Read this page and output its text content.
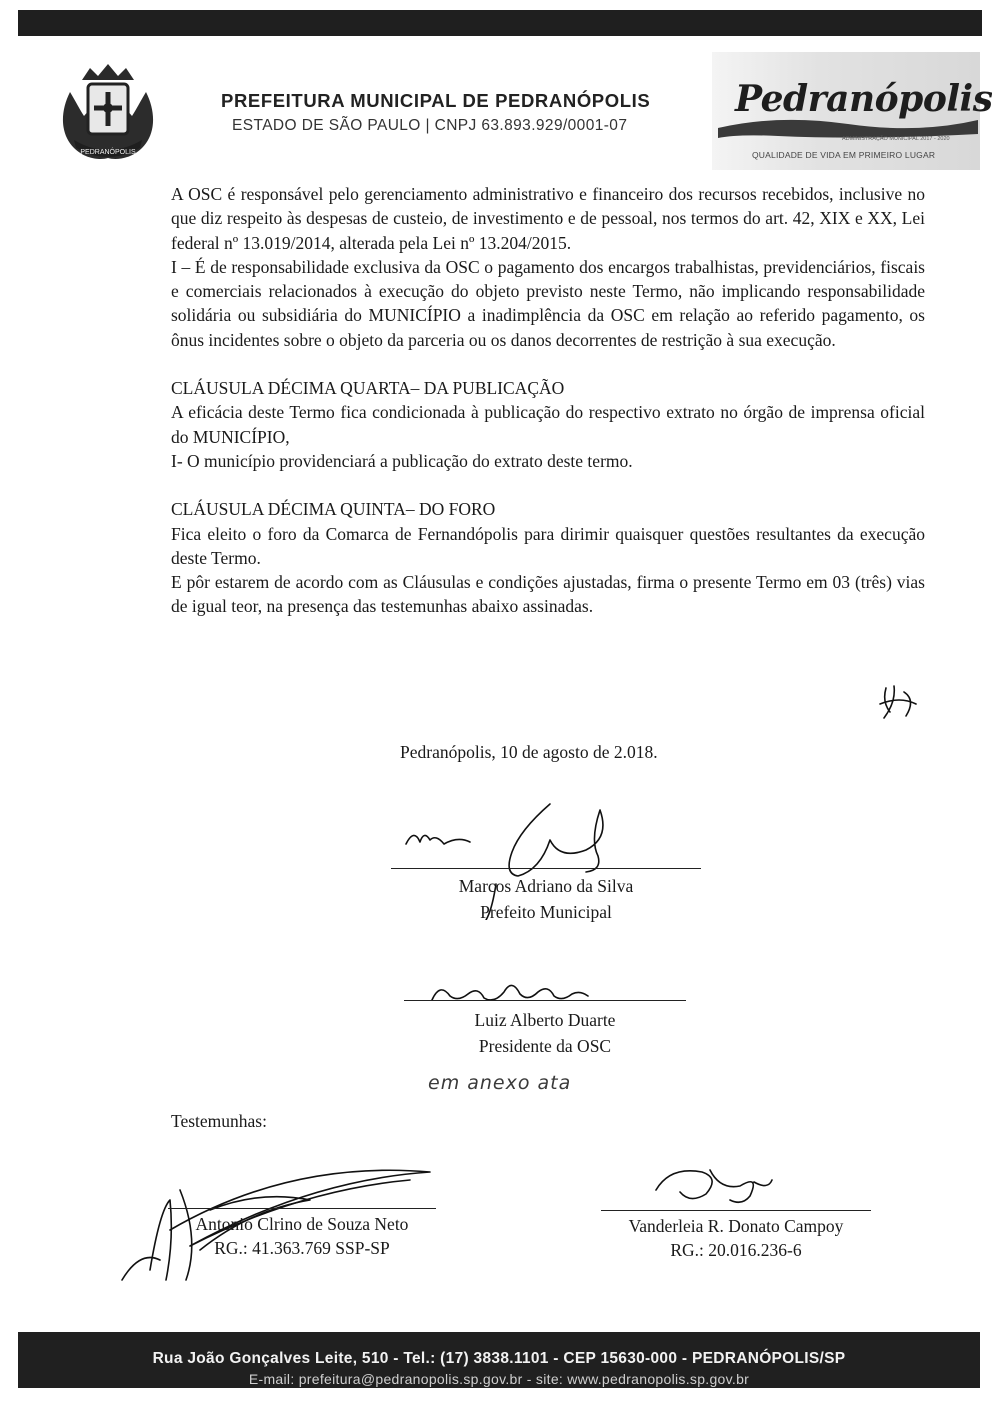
PEDRANÓPOLIS
PREFEITURA MUNICIPAL DE PEDRANÓPOLIS
ESTADO DE SÃO PAULO | CNPJ 63.893.929/0001-07
Pedranópolis
ADMINISTRAÇÃO MUNICIPAL 2017 - 2020
QUALIDADE DE VIDA EM PRIMEIRO LUGAR

A OSC é responsável pelo gerenciamento administrativo e financeiro dos recursos recebidos, inclusive no que diz respeito às despesas de custeio, de investimento e de pessoal, nos termos do art. 42, XIX e XX, Lei federal nº 13.019/2014, alterada pela Lei nº 13.204/2015.

I – É de responsabilidade exclusiva da OSC o pagamento dos encargos trabalhistas, previdenciários, fiscais e comerciais relacionados à execução do objeto previsto neste Termo, não implicando responsabilidade solidária ou subsidiária do MUNICÍPIO a inadimplência da OSC em relação ao referido pagamento, os ônus incidentes sobre o objeto da parceria ou os danos decorrentes de restrição à sua execução.

CLÁUSULA DÉCIMA QUARTA– DA PUBLICAÇÃO

A eficácia deste Termo fica condicionada à publicação do respectivo extrato no órgão de imprensa oficial do MUNICÍPIO,

I- O município providenciará a publicação do extrato deste termo.

CLÁUSULA DÉCIMA QUINTA– DO FORO

Fica eleito o foro da Comarca de Fernandópolis para dirimir quaisquer questões resultantes da execução deste Termo.

E pôr estarem de acordo com as Cláusulas e condições ajustadas, firma o presente Termo em 03 (três) vias de igual teor, na presença das testemunhas abaixo assinadas.

Pedranópolis, 10 de agosto de 2.018.
Marcos Adriano da Silva
Prefeito Municipal
Luiz Alberto Duarte
Presidente da OSC
em anexo ata
Testemunhas:
Antonio Clrino de Souza Neto
RG.: 41.363.769 SSP-SP
Vanderleia R. Donato Campoy
RG.: 20.016.236-6
Rua João Gonçalves Leite, 510 - Tel.: (17) 3838.1101 - CEP 15630-000 - PEDRANÓPOLIS/SP
E-mail: prefeitura@pedranopolis.sp.gov.br - site: www.pedranopolis.sp.gov.br
